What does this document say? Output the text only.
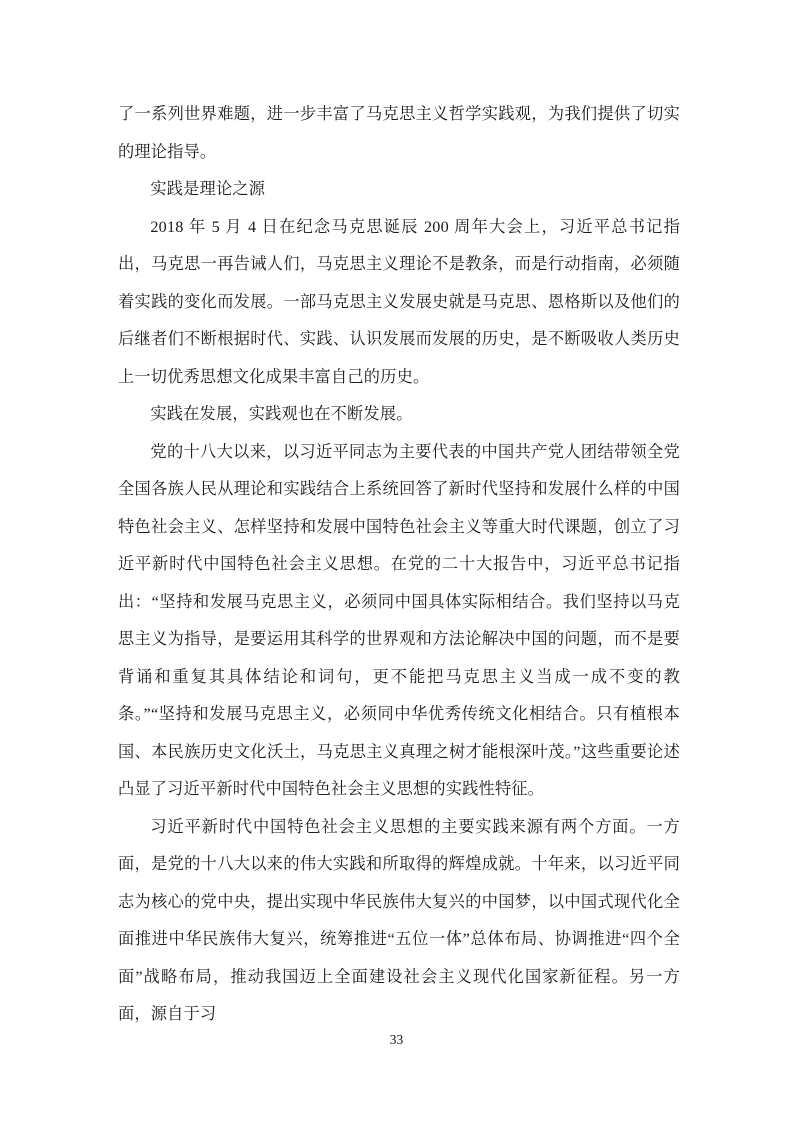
了一系列世界难题，进一步丰富了马克思主义哲学实践观，为我们提供了切实的理论指导。

实践是理论之源

2018 年 5 月 4 日在纪念马克思诞辰 200 周年大会上，习近平总书记指出，马克思一再告诫人们，马克思主义理论不是教条，而是行动指南，必须随着实践的变化而发展。一部马克思主义发展史就是马克思、恩格斯以及他们的后继者们不断根据时代、实践、认识发展而发展的历史，是不断吸收人类历史上一切优秀思想文化成果丰富自己的历史。

实践在发展，实践观也在不断发展。

党的十八大以来，以习近平同志为主要代表的中国共产党人团结带领全党全国各族人民从理论和实践结合上系统回答了新时代坚持和发展什么样的中国特色社会主义、怎样坚持和发展中国特色社会主义等重大时代课题，创立了习近平新时代中国特色社会主义思想。在党的二十大报告中，习近平总书记指出：“坚持和发展马克思主义，必须同中国具体实际相结合。我们坚持以马克思主义为指导，是要运用其科学的世界观和方法论解决中国的问题，而不是要背诵和重复其具体结论和词句，更不能把马克思主义当成一成不变的教条。”“坚持和发展马克思主义，必须同中华优秀传统文化相结合。只有植根本国、本民族历史文化沃土，马克思主义真理之树才能根深叶茂。”这些重要论述凸显了习近平新时代中国特色社会主义思想的实践性特征。

习近平新时代中国特色社会主义思想的主要实践来源有两个方面。一方面，是党的十八大以来的伟大实践和所取得的辉煌成就。十年来，以习近平同志为核心的党中央，提出实现中华民族伟大复兴的中国梦，以中国式现代化全面推进中华民族伟大复兴，统筹推进“五位一体”总体布局、协调推进“四个全面”战略布局，推动我国迈上全面建设社会主义现代化国家新征程。另一方面，源自于习

33
